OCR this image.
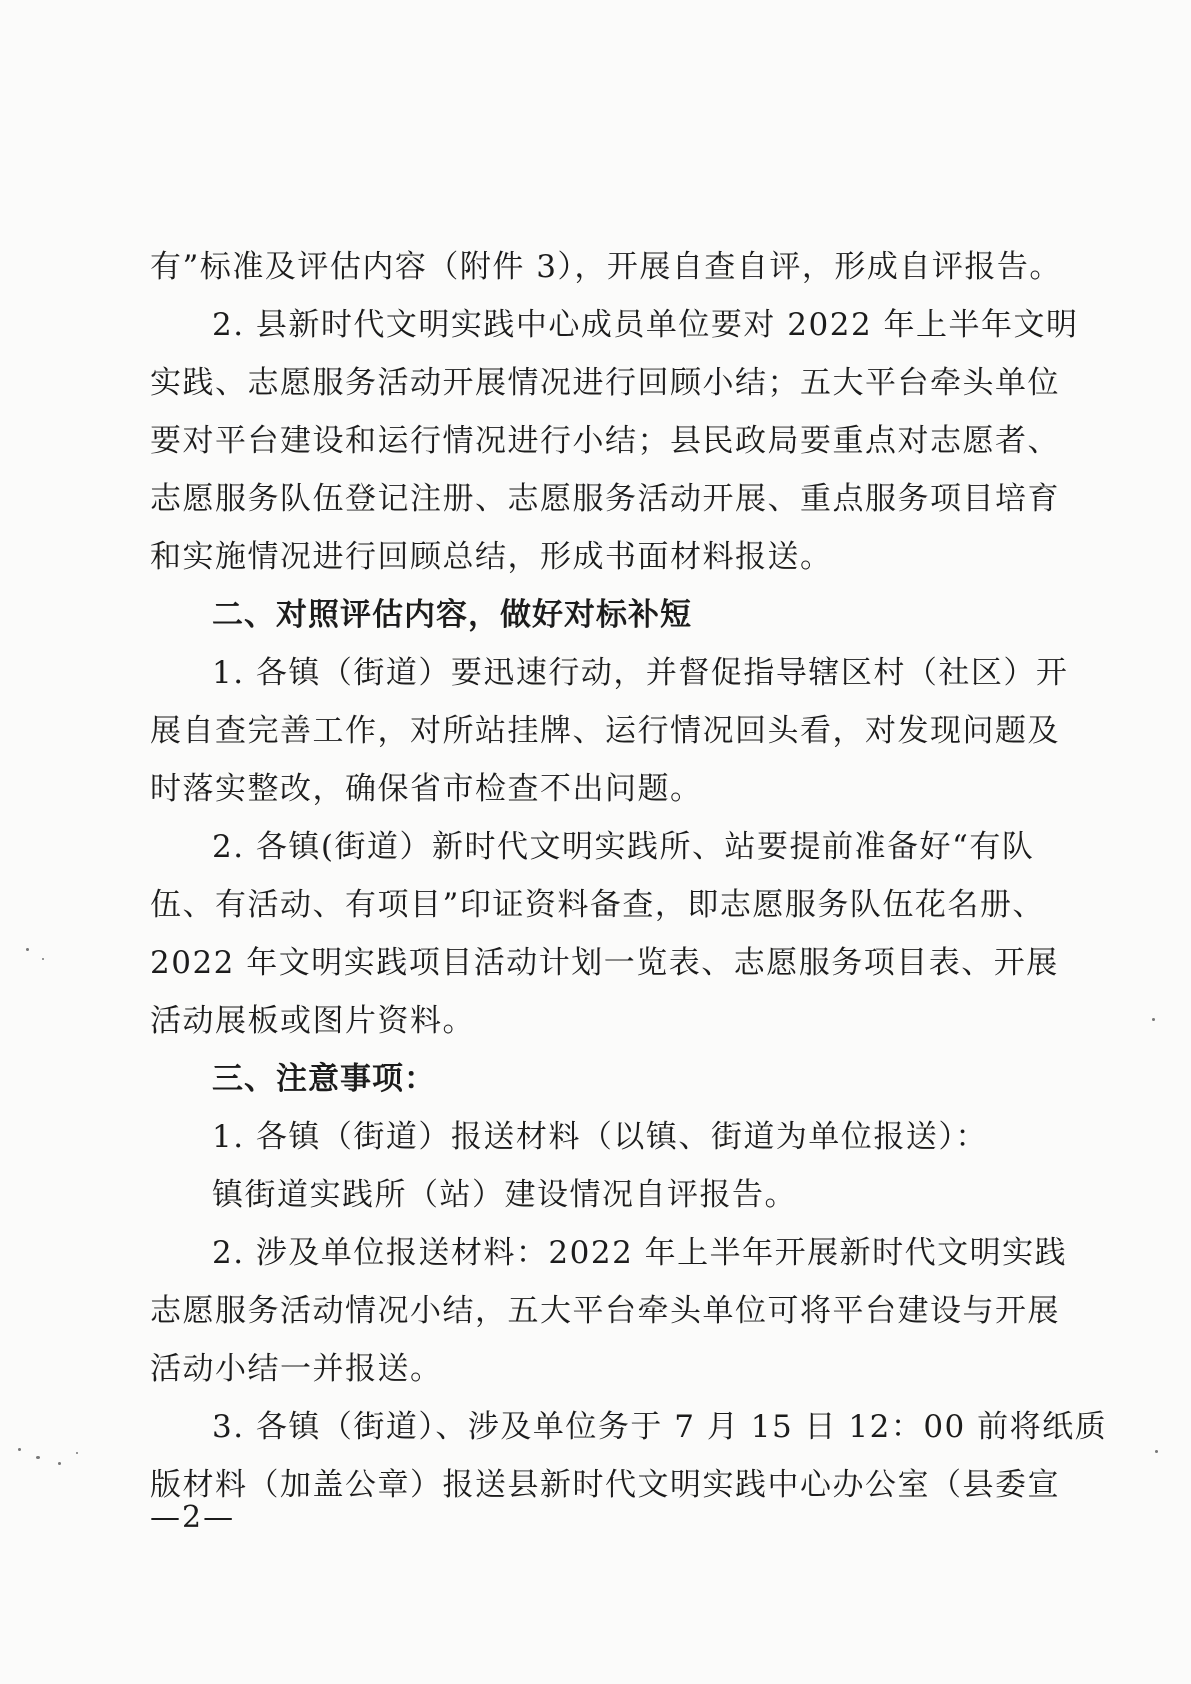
有”标准及评估内容（附件 3），开展自查自评，形成自评报告。
2. 县新时代文明实践中心成员单位要对 2022 年上半年文明
实践、志愿服务活动开展情况进行回顾小结；五大平台牵头单位
要对平台建设和运行情况进行小结；县民政局要重点对志愿者、
志愿服务队伍登记注册、志愿服务活动开展、重点服务项目培育
和实施情况进行回顾总结，形成书面材料报送。
二、对照评估内容，做好对标补短
1. 各镇（街道）要迅速行动，并督促指导辖区村（社区）开
展自查完善工作，对所站挂牌、运行情况回头看，对发现问题及
时落实整改，确保省市检查不出问题。
2. 各镇(街道）新时代文明实践所、站要提前准备好“有队
伍、有活动、有项目”印证资料备查，即志愿服务队伍花名册、
2022 年文明实践项目活动计划一览表、志愿服务项目表、开展
活动展板或图片资料。
三、注意事项：
1. 各镇（街道）报送材料（以镇、街道为单位报送）：
镇街道实践所（站）建设情况自评报告。
2. 涉及单位报送材料：2022 年上半年开展新时代文明实践
志愿服务活动情况小结，五大平台牵头单位可将平台建设与开展
活动小结一并报送。
3. 各镇（街道）、涉及单位务于 7 月 15 日 12：00 前将纸质
版材料（加盖公章）报送县新时代文明实践中心办公室（县委宣
—2—
